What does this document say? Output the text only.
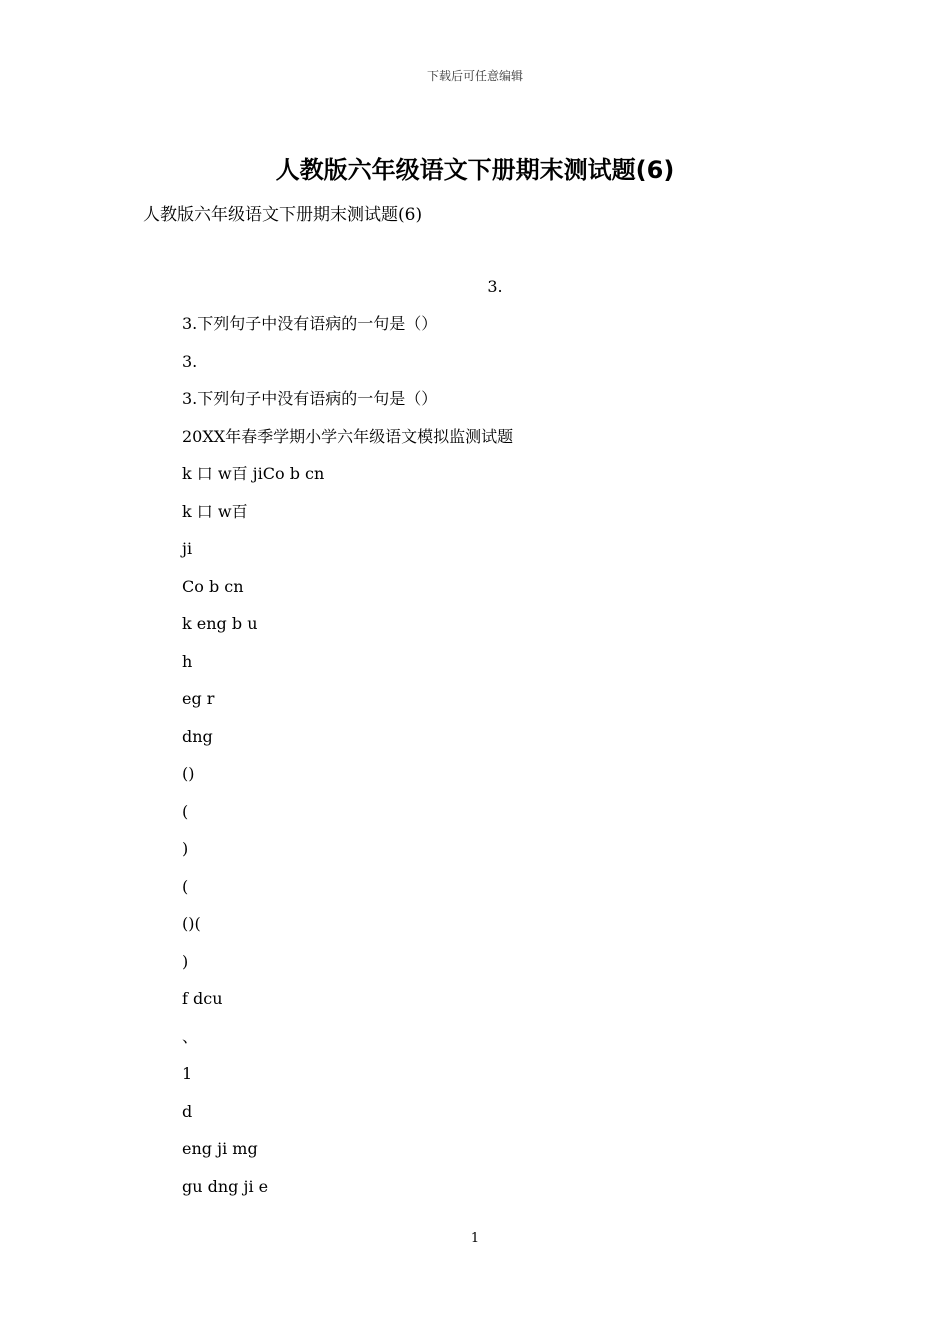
下载后可任意编辑
人教版六年级语文下册期末测试题(6)

人教版六年级语文下册期末测试题(6)

3.

3.下列句子中没有语病的一句是（）
3.
3.下列句子中没有语病的一句是（）
20XX年春季学期小学六年级语文模拟监测试题
k 口 w百 jiCo b cn
k 口 w百
ji
Co b cn
k eng b u
h
eg r
dng
()
(
)
(
()(
)
f dcu
、
1
d
eng ji mg
gu dng ji e
1
